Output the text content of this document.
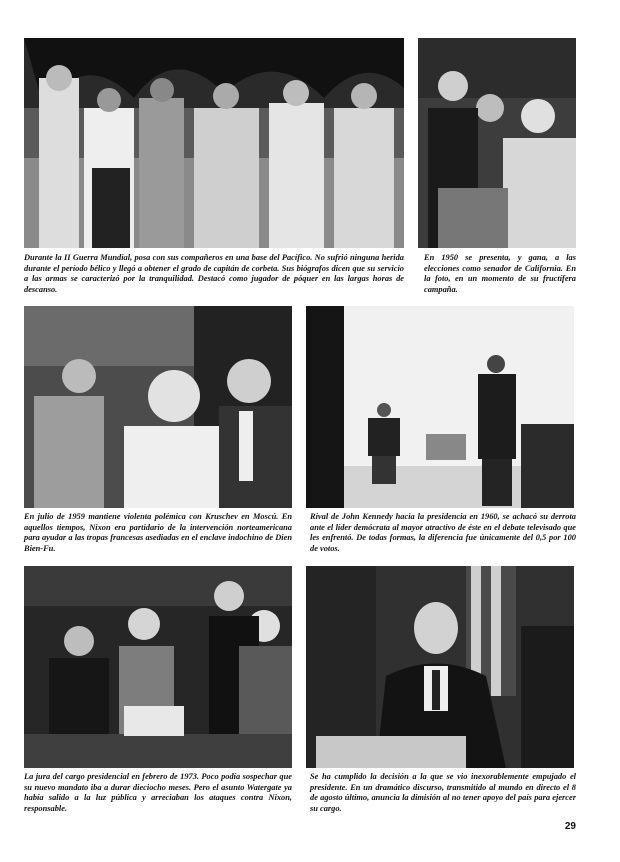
Durante la II Guerra Mundial, posa con sus compañeros en una base del Pacífico. No sufrió ninguna herida durante el período bélico y llegó a obtener el grado de capitán de corbeta. Sus biógrafos dicen que su servicio a las armas se caracterizó por la tranquilidad. Destacó como jugador de póquer en las largas horas de descanso.

En 1950 se presenta, y gana, a las elecciones como senador de California. En la foto, en un momento de su fructífera campaña.

En julio de 1959 mantiene violenta polémica con Kruschev en Moscú. En aquellos tiempos, Nixon era partidario de la intervención norteamericana para ayudar a las tropas francesas asediadas en el enclave indochino de Dien Bien-Fu.

Rival de John Kennedy hacia la presidencia en 1960, se achacó su derrota ante el líder demócrata al mayor atractivo de éste en el debate televisado que les enfrentó. De todas formas, la diferencia fue únicamente del 0,5 por 100 de votos.

La jura del cargo presidencial en febrero de 1973. Poco podía sospechar que su nuevo mandato iba a durar dieciocho meses. Pero el asunto Watergate ya había salido a la luz pública y arreciaban los ataques contra Nixon, responsable.

Se ha cumplido la decisión a la que se vio inexorablemente empujado el presidente. En un dramático discurso, transmitido al mundo en directo el 8 de agosto último, anuncia la dimisión al no tener apoyo del país para ejercer su cargo.

29
